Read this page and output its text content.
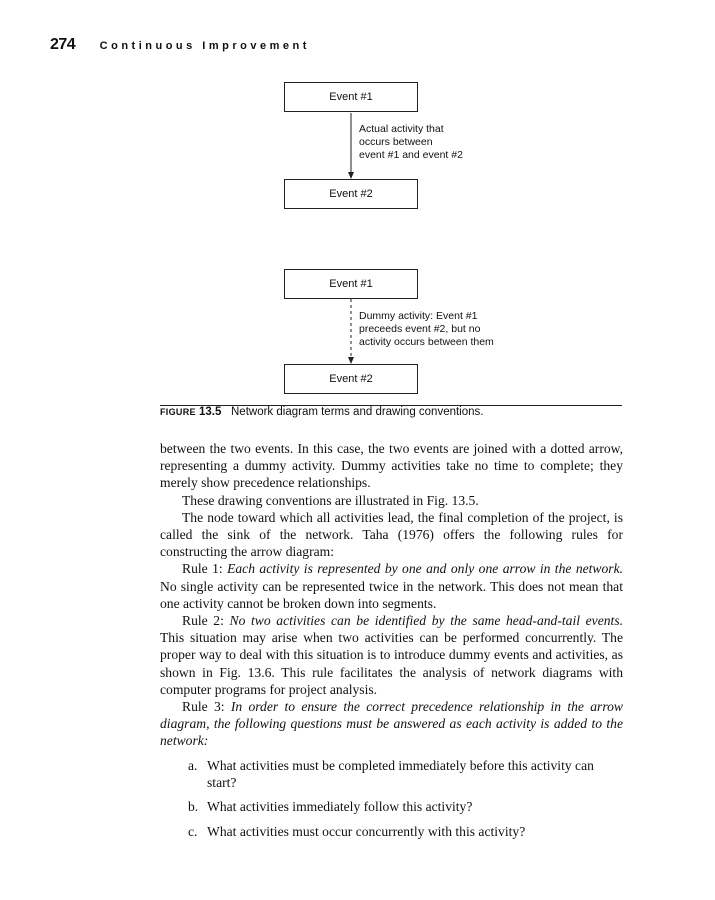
274 Continuous Improvement
Event #1
Actual activity that
occurs between
event #1 and event #2
Event #2
Event #1
Dummy activity: Event #1
preceeds event #2, but no
activity occurs between them
Event #2
FIGURE 13.5 Network diagram terms and drawing conventions.

between the two events. In this case, the two events are joined with a dotted arrow, representing a dummy activity. Dummy activities take no time to complete; they merely show precedence relationships.

These drawing conventions are illustrated in Fig. 13.5.

The node toward which all activities lead, the final completion of the project, is called the sink of the network. Taha (1976) offers the following rules for constructing the arrow diagram:

Rule 1: Each activity is represented by one and only one arrow in the network. No single activity can be represented twice in the network. This does not mean that one activity cannot be broken down into segments.

Rule 2: No two activities can be identified by the same head-and-tail events. This situation may arise when two activities can be performed concurrently. The proper way to deal with this situation is to introduce dummy events and activities, as shown in Fig. 13.6. This rule facilitates the analysis of network diagrams with computer programs for project analysis.

Rule 3: In order to ensure the correct precedence relationship in the arrow diagram, the following questions must be answered as each activity is added to the network:

a. What activities must be completed immediately before this activity can start?
b. What activities immediately follow this activity?
c. What activities must occur concurrently with this activity?
